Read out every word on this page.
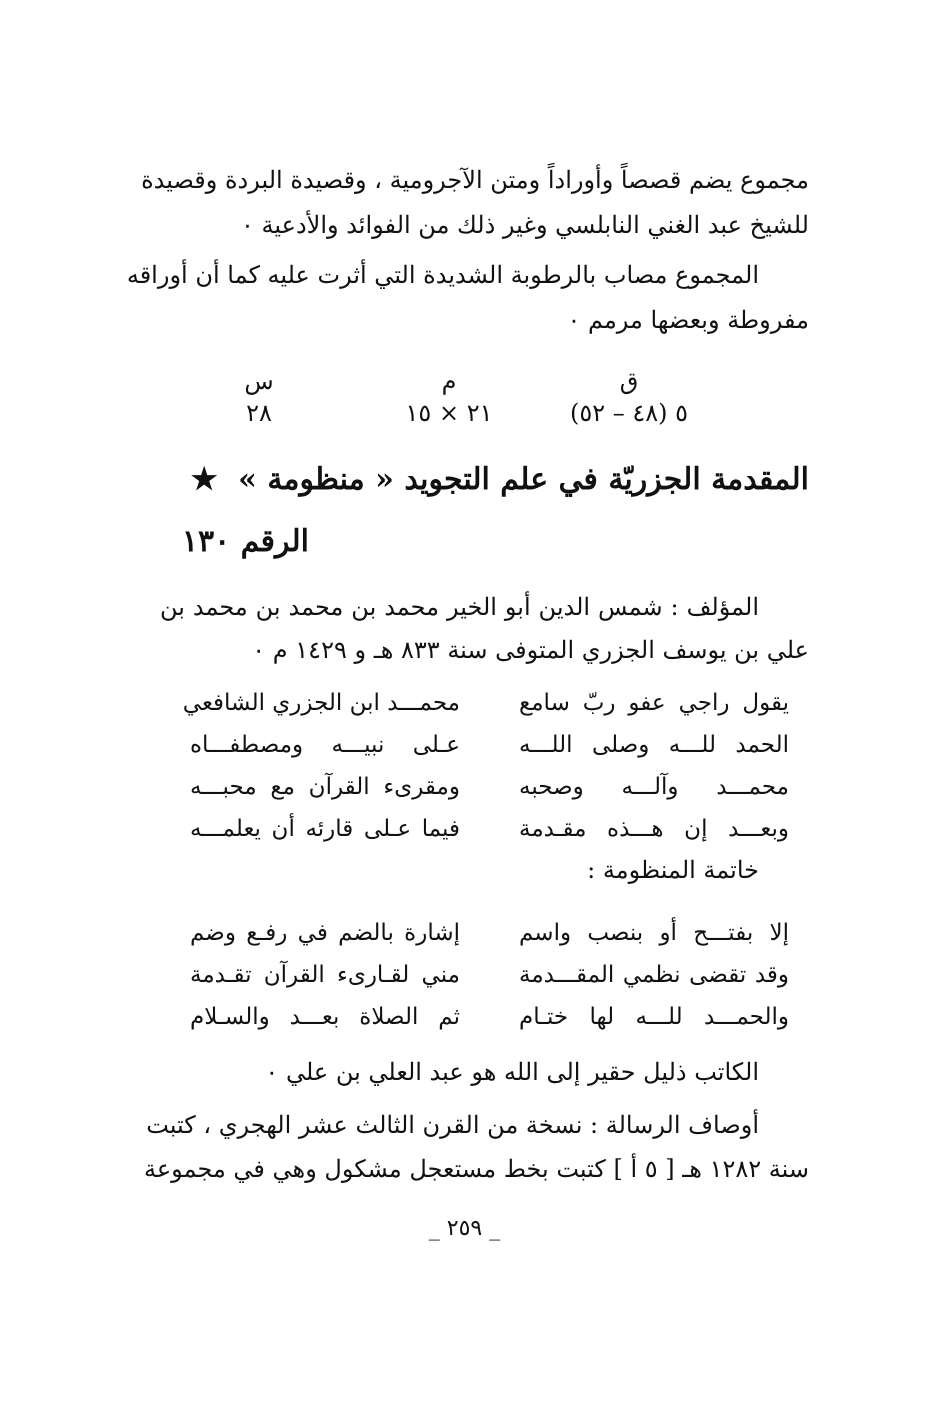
مجموع يضم قصصاً وأوراداً ومتن الآجرومية ، وقصيدة البردة وقصيدة
للشيخ عبد الغني النابلسي وغير ذلك من الفوائد والأدعية ٠
المجموع مصاب بالرطوبة الشديدة التي أثرت عليه كما أن أوراقه
مفروطة وبعضها مرمم ٠
ق
٥ (٤٨ – ٥٢)
م
٢١ × ١٥
س
٢٨
المقدمة الجزريّة في علم التجويد « منظومة » ★
الرقم ١٣٠
المؤلف : شمس الدين أبو الخير محمد بن محمد بن محمد بن
علي بن يوسف الجزري المتوفى سنة ٨٣٣ هـ و ١٤٢٩ م ٠
يقول راجي عفو ربّ سامع
محمـــد ابن الجزري الشافعي
الحمد للـــه وصلى اللـــه
عـلى نبيـــه ومصطفـــاه
محمـــد وآلـــه وصحبه
ومقرىء القرآن مع محبـــه
وبعـــد إن هـــذه مقـدمة
فيما عـلى قارئه أن يعلمـــه
خاتمة المنظومة :
إلا بفتـــح أو بنصب واسم
إشارة بالضم في رفـع وضم
وقد تقضى نظمي المقـــدمة
مني لقـارىء القرآن تقـدمة
والحمـــد للـــه لها ختـام
ثم الصلاة بعـــد والسـلام
الكاتب ذليل حقير إلى الله هو عبد العلي بن علي ٠
أوصاف الرسالة : نسخة من القرن الثالث عشر الهجري ، كتبت
سنة ١٢٨٢ هـ [ ٥ أ ] كتبت بخط مستعجل مشكول وهي في مجموعة
_ ٢٥٩ _
